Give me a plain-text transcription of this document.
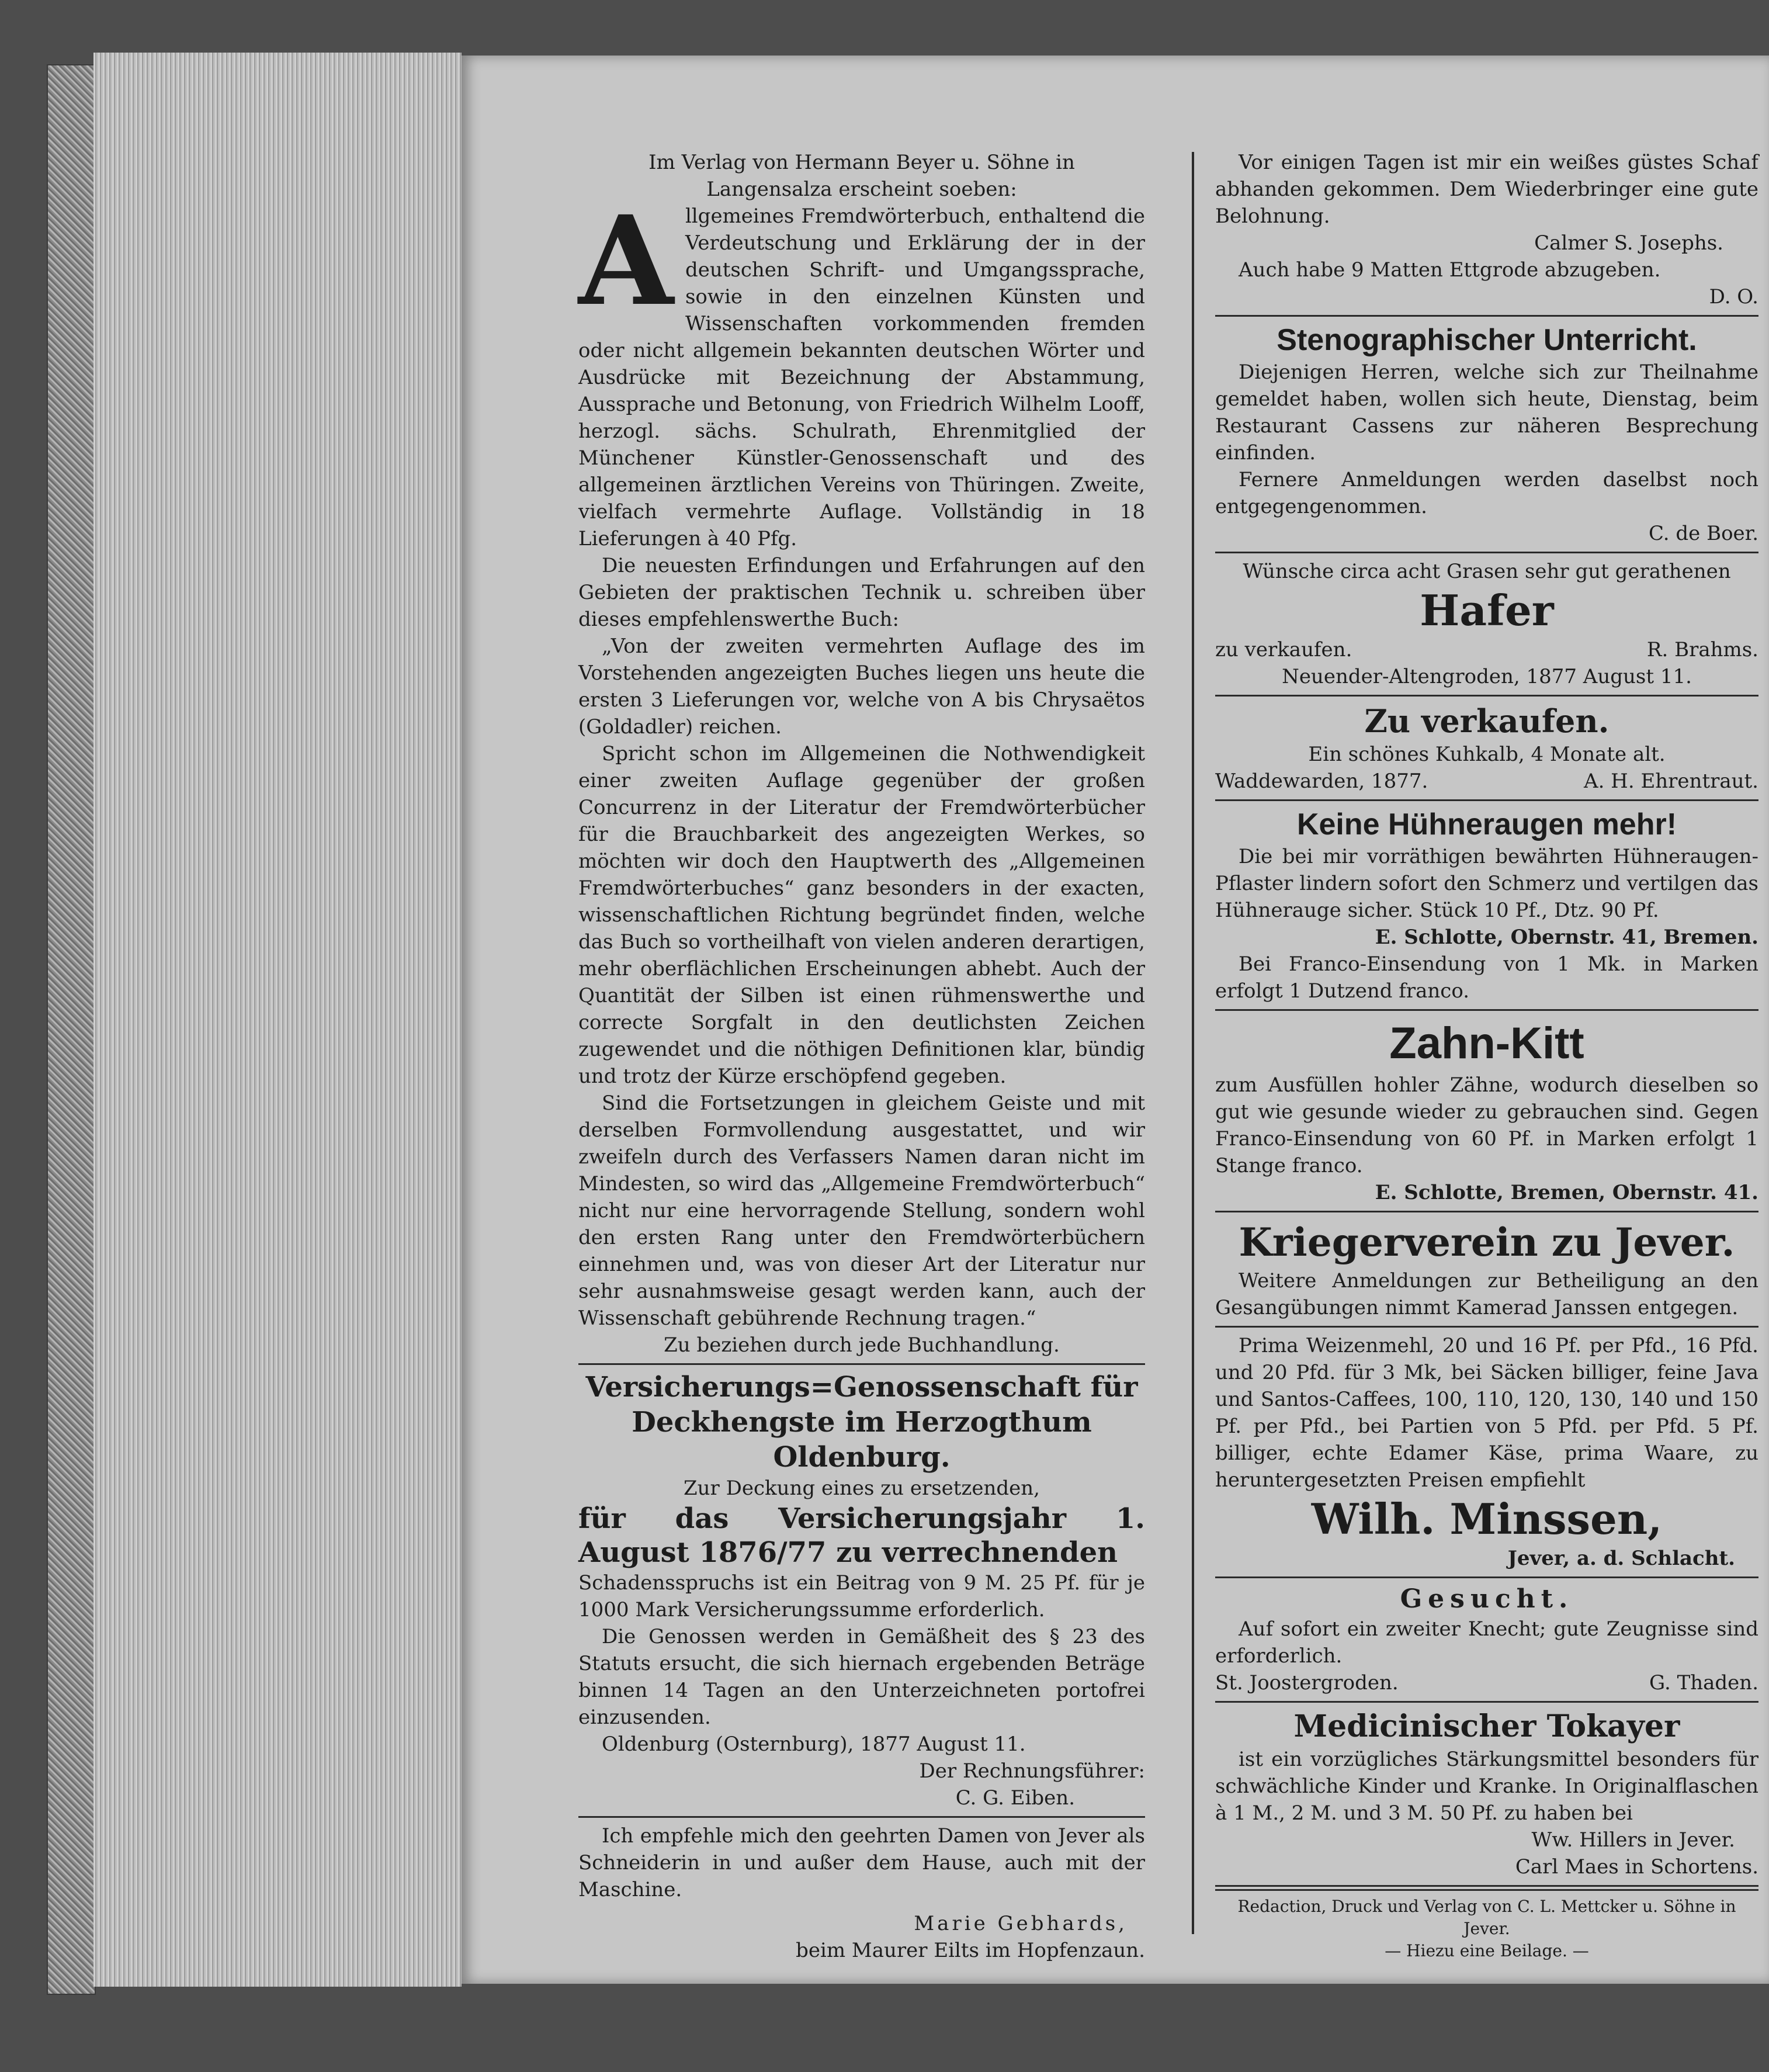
Im Verlag von Hermann Beyer u. Söhne in

Langensalza erscheint soeben:

A llgemeines Fremdwörterbuch, enthaltend die Verdeutschung und Erklärung der in der deutschen Schrift- und Umgangssprache, sowie in den einzelnen Künsten und Wissenschaften vorkommenden fremden oder nicht allgemein bekannten deutschen Wörter und Ausdrücke mit Bezeichnung der Abstammung, Aussprache und Betonung, von Friedrich Wilhelm Looff, herzogl. sächs. Schulrath, Ehrenmitglied der Münchener Künstler-Genossenschaft und des allgemeinen ärztlichen Vereins von Thüringen. Zweite, vielfach vermehrte Auflage. Vollständig in 18 Lieferungen à 40 Pfg.

Die neuesten Erfindungen und Erfahrungen auf den Gebieten der praktischen Technik u. schreiben über dieses empfehlenswerthe Buch:

„Von der zweiten vermehrten Auflage des im Vorstehenden angezeigten Buches liegen uns heute die ersten 3 Lieferungen vor, welche von A bis Chrysaëtos (Goldadler) reichen.

Spricht schon im Allgemeinen die Nothwendigkeit einer zweiten Auflage gegenüber der großen Concurrenz in der Literatur der Fremdwörterbücher für die Brauchbarkeit des angezeigten Werkes, so möchten wir doch den Hauptwerth des „Allgemeinen Fremdwörterbuches“ ganz besonders in der exacten, wissenschaftlichen Richtung begründet finden, welche das Buch so vortheilhaft von vielen anderen derartigen, mehr oberflächlichen Erscheinungen abhebt. Auch der Quantität der Silben ist einen rühmenswerthe und correcte Sorgfalt in den deutlichsten Zeichen zugewendet und die nöthigen Definitionen klar, bündig und trotz der Kürze erschöpfend gegeben.

Sind die Fortsetzungen in gleichem Geiste und mit derselben Formvollendung ausgestattet, und wir zweifeln durch des Verfassers Namen daran nicht im Mindesten, so wird das „Allgemeine Fremdwörterbuch“ nicht nur eine hervorragende Stellung, sondern wohl den ersten Rang unter den Fremdwörterbüchern einnehmen und, was von dieser Art der Literatur nur sehr ausnahmsweise gesagt werden kann, auch der Wissenschaft gebührende Rechnung tragen.“

Zu beziehen durch jede Buchhandlung.

Versicherungs=Genossenschaft für Deckhengste im Herzogthum Oldenburg.

Zur Deckung eines zu ersetzenden,

für das Versicherungsjahr 1. August 1876/77 zu verrechnenden

Schadensspruchs ist ein Beitrag von 9 M. 25 Pf. für je 1000 Mark Versicherungssumme erforderlich.

Die Genossen werden in Gemäßheit des § 23 des Statuts ersucht, die sich hiernach ergebenden Beträge binnen 14 Tagen an den Unterzeichneten portofrei einzusenden.

Oldenburg (Osternburg), 1877 August 11.

Der Rechnungsführer:

C. G. Eiben.

Ich empfehle mich den geehrten Damen von Jever als Schneiderin in und außer dem Hause, auch mit der Maschine.

Marie Gebhards,

beim Maurer Eilts im Hopfenzaun.

Vor einigen Tagen ist mir ein weißes güstes Schaf abhanden gekommen. Dem Wiederbringer eine gute Belohnung.

Calmer S. Josephs.

Auch habe 9 Matten Ettgrode abzugeben.

D. O.

Stenographischer Unterricht.

Diejenigen Herren, welche sich zur Theilnahme gemeldet haben, wollen sich heute, Dienstag, beim Restaurant Cassens zur näheren Besprechung einfinden.

Fernere Anmeldungen werden daselbst noch entgegengenommen.

C. de Boer.

Wünsche circa acht Grasen sehr gut gerathenen

Hafer

zu verkaufen.	R. Brahms.

Neuender-Altengroden, 1877 August 11.

Zu verkaufen.

Ein schönes Kuhkalb, 4 Monate alt.

Waddewarden, 1877.	A. H. Ehrentraut.

Keine Hühneraugen mehr!

Die bei mir vorräthigen bewährten Hühneraugen-Pflaster lindern sofort den Schmerz und vertilgen das Hühnerauge sicher. Stück 10 Pf., Dtz. 90 Pf.

E. Schlotte, Obernstr. 41, Bremen.

Bei Franco-Einsendung von 1 Mk. in Marken erfolgt 1 Dutzend franco.

Zahn-Kitt

zum Ausfüllen hohler Zähne, wodurch dieselben so gut wie gesunde wieder zu gebrauchen sind. Gegen Franco-Einsendung von 60 Pf. in Marken erfolgt 1 Stange franco.

E. Schlotte, Bremen, Obernstr. 41.

Kriegerverein zu Jever.

Weitere Anmeldungen zur Betheiligung an den Gesangübungen nimmt Kamerad Janssen entgegen.

Prima Weizenmehl, 20 und 16 Pf. per Pfd., 16 Pfd. und 20 Pfd. für 3 Mk, bei Säcken billiger, feine Java und Santos-Caffees, 100, 110, 120, 130, 140 und 150 Pf. per Pfd., bei Partien von 5 Pfd. per Pfd. 5 Pf. billiger, echte Edamer Käse, prima Waare, zu heruntergesetzten Preisen empfiehlt

Wilh. Minssen,

Jever, a. d. Schlacht.

Gesucht.

Auf sofort ein zweiter Knecht; gute Zeugnisse sind erforderlich.

St. Joostergroden.	G. Thaden.

Medicinischer Tokayer

ist ein vorzügliches Stärkungsmittel besonders für schwächliche Kinder und Kranke. In Originalflaschen à 1 M., 2 M. und 3 M. 50 Pf. zu haben bei

Ww. Hillers in Jever.

Carl Maes in Schortens.

Redaction, Druck und Verlag von C. L. Mettcker u. Söhne in Jever.

— Hiezu eine Beilage. —
